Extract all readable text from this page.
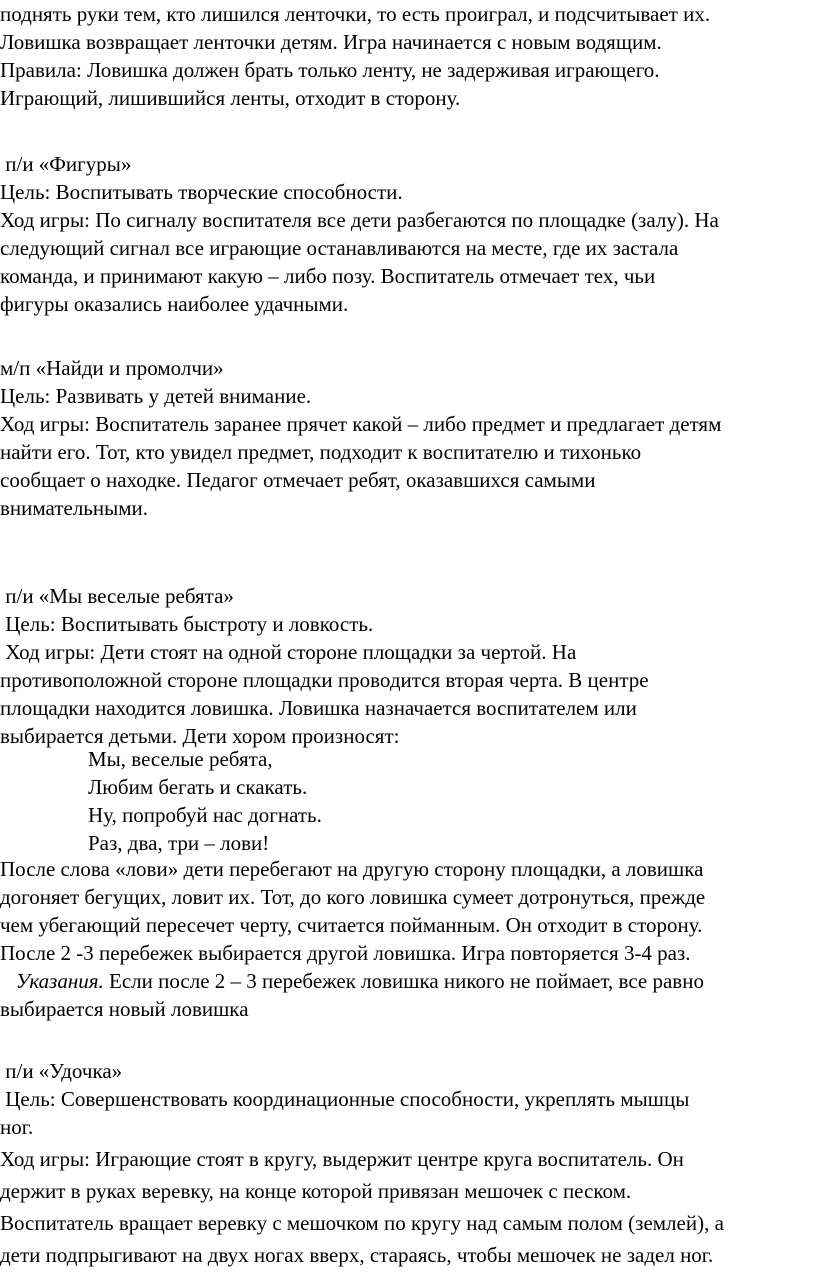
поднять руки тем, кто лишился ленточки, то есть проиграл, и подсчитывает их.

Ловишка возвращает ленточки детям. Игра начинается с новым водящим.

Правила: Ловишка должен брать только ленту, не задерживая играющего.

Играющий, лишившийся ленты, отходит в сторону.

п/и «Фигуры»

Цель: Воспитывать творческие способности.

Ход игры: По сигналу воспитателя все дети разбегаются по площадке (залу). На

следующий сигнал все играющие останавливаются на месте, где их застала

команда, и принимают какую – либо позу. Воспитатель отмечает тех, чьи

фигуры оказались наиболее удачными.

м/п «Найди и промолчи»

Цель: Развивать у детей внимание.

Ход игры: Воспитатель заранее прячет какой – либо предмет и предлагает детям

найти его. Тот, кто увидел предмет, подходит к воспитателю и тихонько

сообщает о находке. Педагог отмечает ребят, оказавшихся самыми

внимательными.

п/и «Мы веселые ребята»

Цель: Воспитывать быстроту и ловкость.

Ход игры: Дети стоят на одной стороне площадки за чертой. На

противоположной стороне площадки проводится вторая черта. В центре

площадки находится ловишка. Ловишка назначается воспитателем или

выбирается детьми. Дети хором произносят:

Мы, веселые ребята,

Любим бегать и скакать.

Ну, попробуй нас догнать.

Раз, два, три – лови!

После слова «лови» дети перебегают на другую сторону площадки, а ловишка

догоняет бегущих, ловит их. Тот, до кого ловишка сумеет дотронуться, прежде

чем убегающий пересечет черту, считается пойманным. Он отходит в сторону.

После 2 -3 перебежек выбирается другой ловишка. Игра повторяется 3-4 раз.

Указания. Если после 2 – 3 перебежек ловишка никого не поймает, все равно

выбирается новый ловишка

п/и «Удочка»

Цель: Совершенствовать координационные способности, укреплять мышцы

ног.

Ход игры: Играющие стоят в кругу, выдержит центре круга воспитатель. Он

держит в руках веревку, на конце которой привязан мешочек с песком.

Воспитатель вращает веревку с мешочком по кругу над самым полом (землей), а

дети подпрыгивают на двух ногах вверх, стараясь, чтобы мешочек не задел ног.
